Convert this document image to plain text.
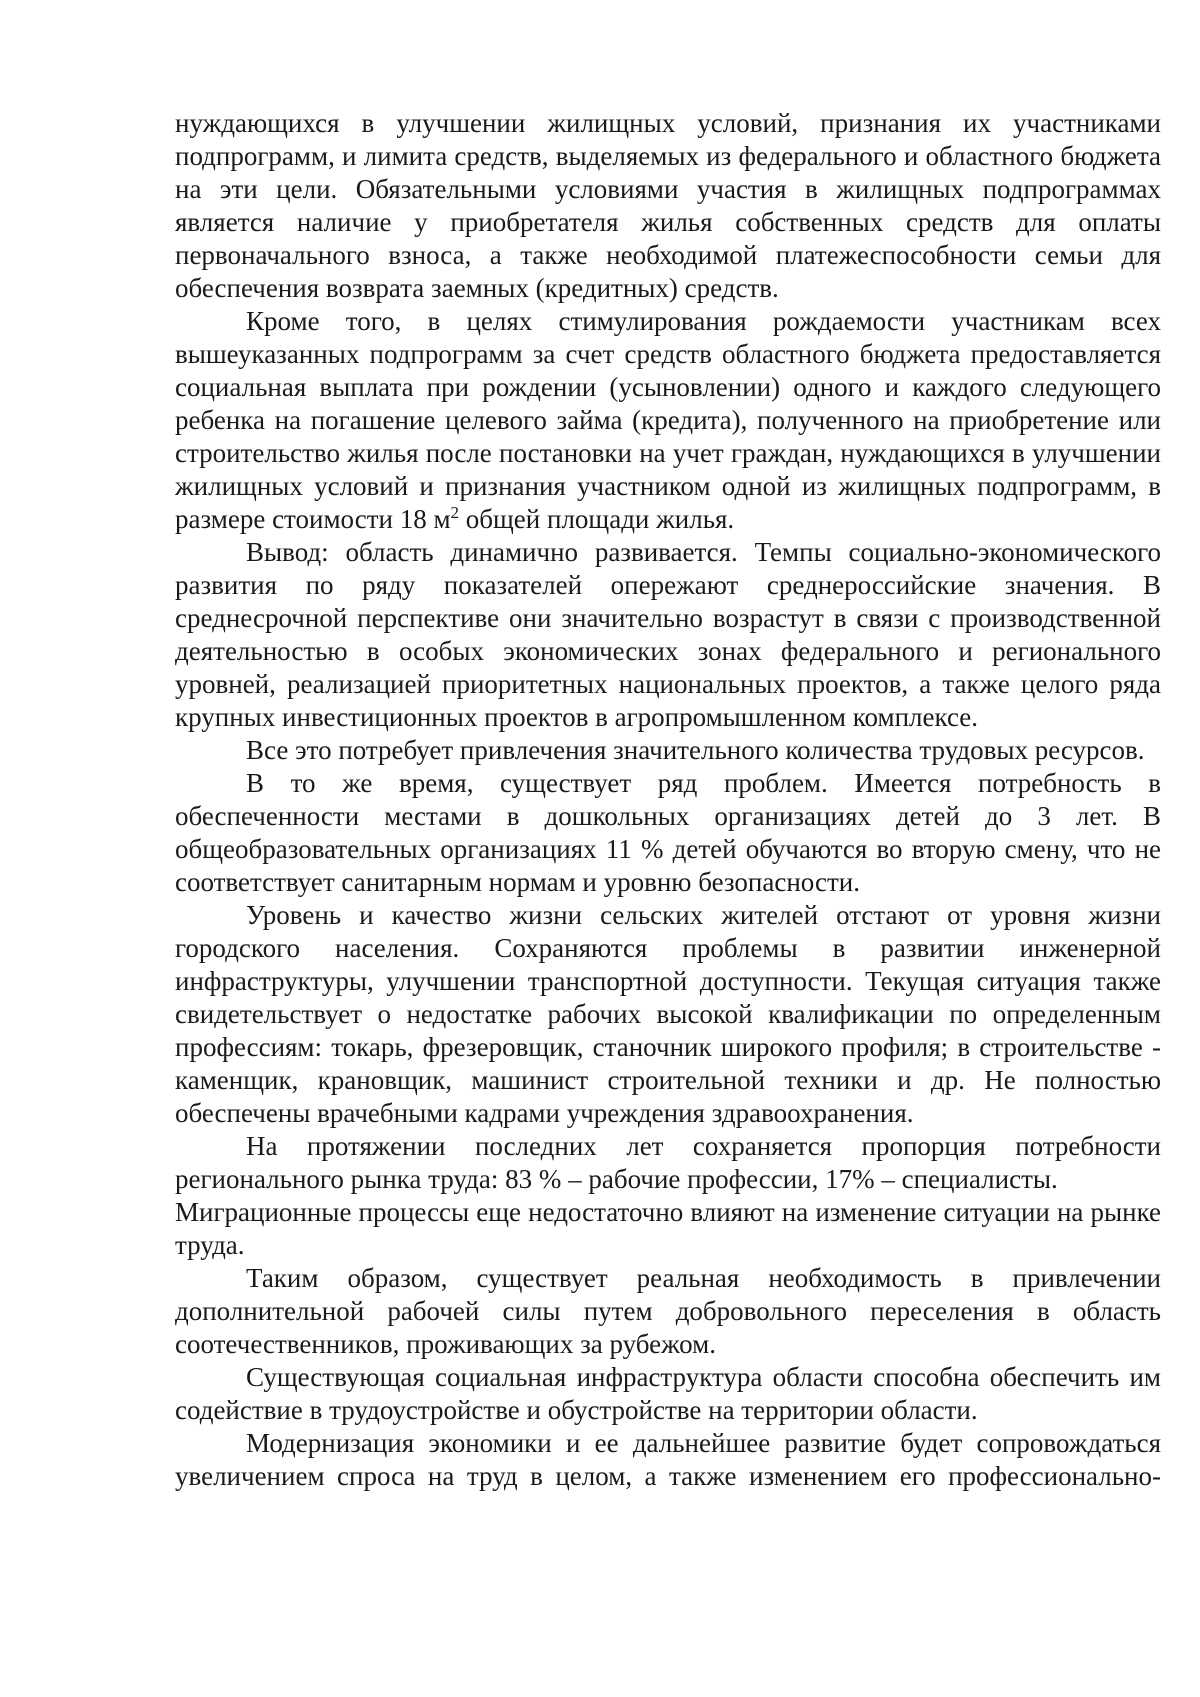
нуждающихся в улучшении жилищных условий, признания их участниками подпрограмм, и лимита средств, выделяемых из федерального и областного бюджета на эти цели. Обязательными условиями участия в жилищных подпрограммах является наличие у приобретателя жилья собственных средств для оплаты первоначального взноса, а также необходимой платежеспособности семьи для обеспечения возврата заемных (кредитных) средств.

Кроме того, в целях стимулирования рождаемости участникам всех вышеуказанных подпрограмм за счет средств областного бюджета предоставляется социальная выплата при рождении (усыновлении) одного и каждого следующего ребенка на погашение целевого займа (кредита), полученного на приобретение или строительство жилья после постановки на учет граждан, нуждающихся в улучшении жилищных условий и признания участником одной из жилищных подпрограмм, в размере стоимости 18 $м^2$ общей площади жилья.

Вывод: область динамично развивается. Темпы социально-экономического развития по ряду показателей опережают среднероссийские значения. В среднесрочной перспективе они значительно возрастут в связи с производственной деятельностью в особых экономических зонах федерального и регионального уровней, реализацией приоритетных национальных проектов, а также целого ряда крупных инвестиционных проектов в агропромышленном комплексе.

Все это потребует привлечения значительного количества трудовых ресурсов.

В то же время, существует ряд проблем. Имеется потребность в обеспеченности местами в дошкольных организациях детей до 3 лет. В общеобразовательных организациях 11 % детей обучаются во вторую смену, что не соответствует санитарным нормам и уровню безопасности.

Уровень и качество жизни сельских жителей отстают от уровня жизни городского населения. Сохраняются проблемы в развитии инженерной инфраструктуры, улучшении транспортной доступности. Текущая ситуация также свидетельствует о недостатке рабочих высокой квалификации по определенным профессиям: токарь, фрезеровщик, станочник широкого профиля; в строительстве - каменщик, крановщик, машинист строительной техники и др. Не полностью обеспечены врачебными кадрами учреждения здравоохранения.

На протяжении последних лет сохраняется пропорция потребности регионального рынка труда: 83 % – рабочие профессии, 17% – специалисты.

Миграционные процессы еще недостаточно влияют на изменение ситуации на рынке труда.

Таким образом, существует реальная необходимость в привлечении дополнительной рабочей силы путем добровольного переселения в область соотечественников, проживающих за рубежом.

Существующая социальная инфраструктура области способна обеспечить им содействие в трудоустройстве и обустройстве на территории области.

Модернизация экономики и ее дальнейшее развитие будет сопровождаться увеличением спроса на труд в целом, а также изменением его профессионально-
